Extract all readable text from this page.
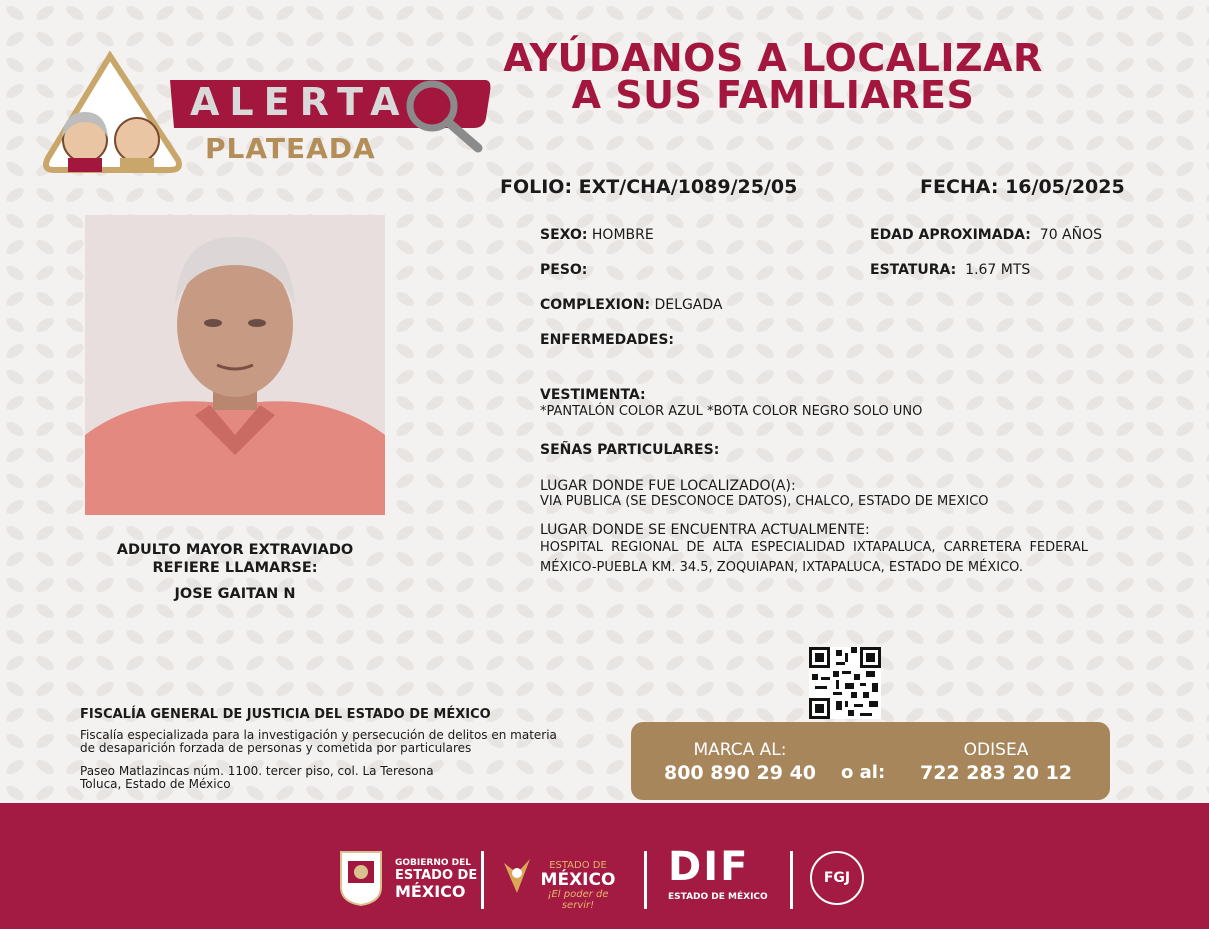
ALERTA
PLATEADA
AYÚDANOS A LOCALIZAR
A SUS FAMILIARES
FOLIO: EXT/CHA/1089/25/05	FECHA: 16/05/2025
ADULTO MAYOR EXTRAVIADO
REFIERE LLAMARSE:
JOSE GAITAN N
SEXO: HOMBRE	EDAD APROXIMADA: 70 AÑOS
PESO:	ESTATURA: 1.67 MTS
COMPLEXION: DELGADA
ENFERMEDADES:
VESTIMENTA:
*PANTALÓN COLOR AZUL *BOTA COLOR NEGRO SOLO UNO
SEÑAS PARTICULARES:
LUGAR DONDE FUE LOCALIZADO(A):
VIA PUBLICA (SE DESCONOCE DATOS), CHALCO, ESTADO DE MEXICO
LUGAR DONDE SE ENCUENTRA ACTUALMENTE:
HOSPITAL REGIONAL DE ALTA ESPECIALIDAD IXTAPALUCA, CARRETERA FEDERAL MÉXICO-PUEBLA KM. 34.5, ZOQUIAPAN, IXTAPALUCA, ESTADO DE MÉXICO.
FISCALÍA GENERAL DE JUSTICIA DEL ESTADO DE MÉXICO
Fiscalía especializada para la investigación y persecución de delitos en materia
de desaparición forzada de personas y cometida por particulares
Paseo Matlazincas núm. 1100. tercer piso, col. La Teresona
Toluca, Estado de México
MARCA AL:
800 890 29 40	o al:
ODISEA
722 283 20 12
GOBIERNO DEL
ESTADO DE
MÉXICO
ESTADO DE
MÉXICO
¡El poder de servir!
DIF
ESTADO DE MÉXICO
FGJ
